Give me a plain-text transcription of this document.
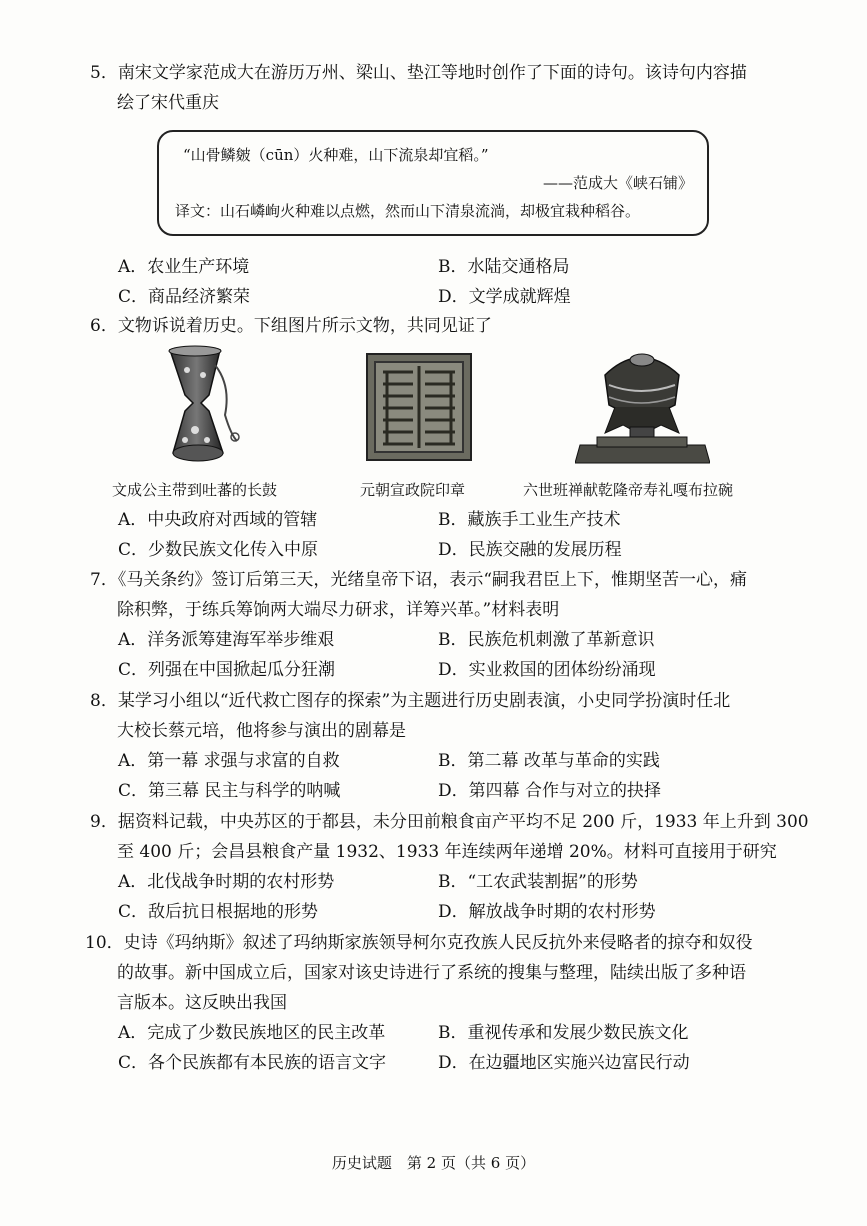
5．南宋文学家范成大在游历万州、梁山、垫江等地时创作了下面的诗句。该诗句内容描
绘了宋代重庆
“山骨鳞皴（cūn）火种难，山下流泉却宜稻。”
——范成大《峡石铺》
译文：山石嶙峋火种难以点燃，然而山下清泉流淌，却极宜栽种稻谷。
A．农业生产环境	B．水陆交通格局
C．商品经济繁荣	D．文学成就辉煌
6．文物诉说着历史。下组图片所示文物，共同见证了
文成公主带到吐蕃的长鼓	元朝宣政院印章	六世班禅献乾隆帝寿礼嘎布拉碗
A．中央政府对西域的管辖	B．藏族手工业生产技术
C．少数民族文化传入中原	D．民族交融的发展历程
7．《马关条约》签订后第三天，光绪皇帝下诏，表示“嗣我君臣上下，惟期坚苦一心，痛
除积弊，于练兵筹饷两大端尽力研求，详筹兴革。”材料表明
A．洋务派筹建海军举步维艰	B．民族危机刺激了革新意识
C．列强在中国掀起瓜分狂潮	D．实业救国的团体纷纷涌现
8．某学习小组以“近代救亡图存的探索”为主题进行历史剧表演，小史同学扮演时任北
大校长蔡元培，他将参与演出的剧幕是
A．第一幕 求强与求富的自救	B．第二幕 改革与革命的实践
C．第三幕 民主与科学的呐喊	D．第四幕 合作与对立的抉择
9．据资料记载，中央苏区的于都县，未分田前粮食亩产平均不足 200 斤，1933 年上升到 300
至 400 斤；会昌县粮食产量 1932、1933 年连续两年递增 20%。材料可直接用于研究
A．北伐战争时期的农村形势	B．“工农武装割据”的形势
C．敌后抗日根据地的形势	D．解放战争时期的农村形势
10．史诗《玛纳斯》叙述了玛纳斯家族领导柯尔克孜族人民反抗外来侵略者的掠夺和奴役
的故事。新中国成立后，国家对该史诗进行了系统的搜集与整理，陆续出版了多种语
言版本。这反映出我国
A．完成了少数民族地区的民主改革	B．重视传承和发展少数民族文化
C．各个民族都有本民族的语言文字	D．在边疆地区实施兴边富民行动
历史试题　第 2 页（共 6 页）
